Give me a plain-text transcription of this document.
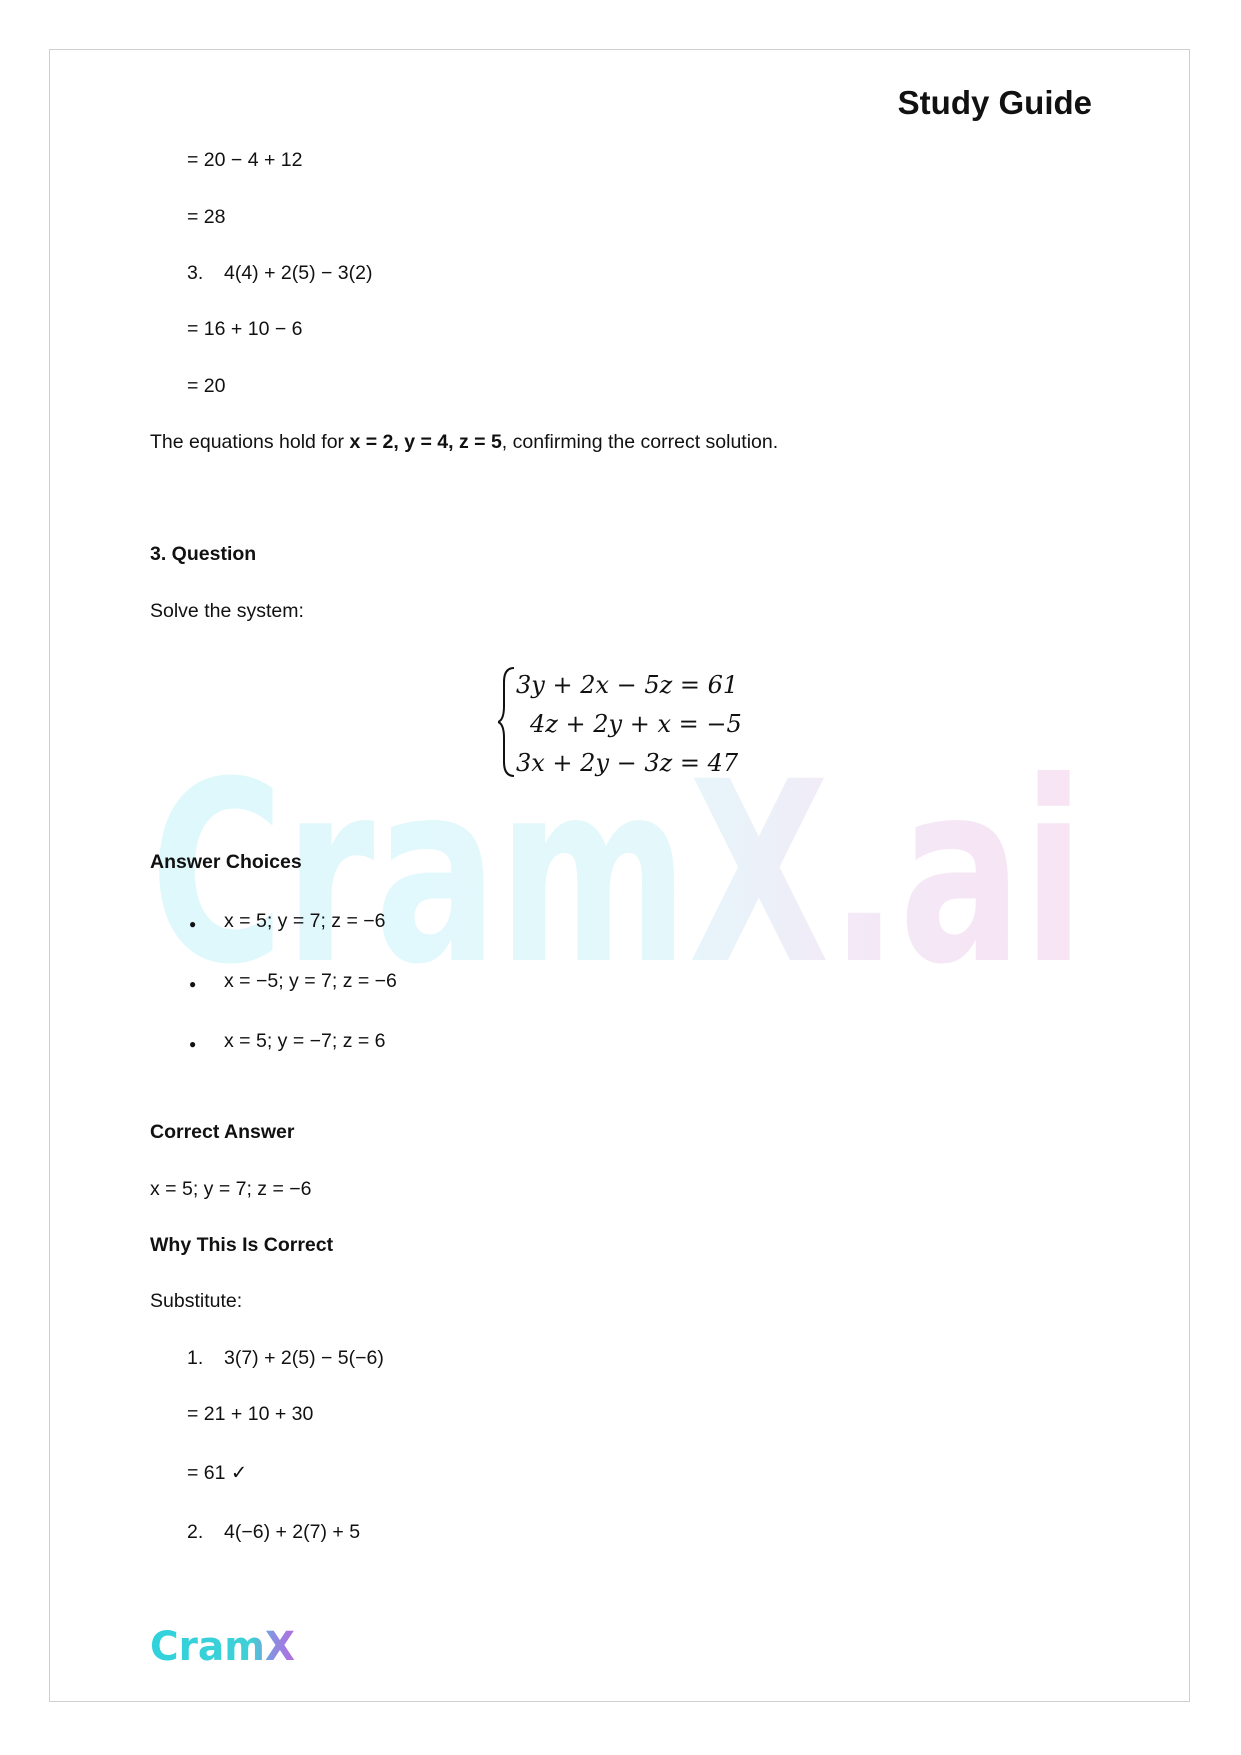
CramX.ai
Study Guide
= 20 − 4 + 12
= 28
3. 4(4) + 2(5) − 3(2)
= 16 + 10 − 6
= 20
The equations hold for x = 2, y = 4, z = 5, confirming the correct solution.
3. Question
Solve the system:
3y + 2x − 5z = 61
4z + 2y + x = −5
3x + 2y − 3z = 47
Answer Choices
● x = 5; y = 7; z = −6
● x = −5; y = 7; z = −6
● x = 5; y = −7; z = 6
Correct Answer
x = 5; y = 7; z = −6
Why This Is Correct
Substitute:
1. 3(7) + 2(5) − 5(−6)
= 21 + 10 + 30
= 61 ✓
2. 4(−6) + 2(7) + 5
CramX
